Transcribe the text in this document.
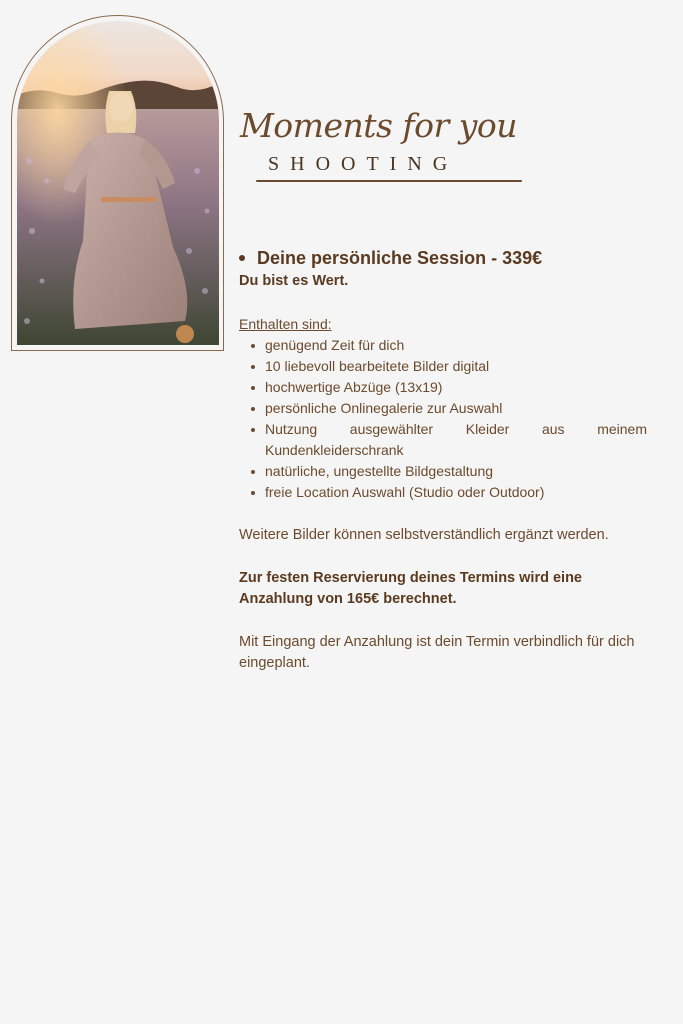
Moments for you
SHOOTING
Deine persönliche Session - 339€
Du bist es Wert.
Enthalten sind:
genügend Zeit für dich
10 liebevoll bearbeitete Bilder digital
hochwertige Abzüge (13x19)
persönliche Onlinegalerie zur Auswahl
Nutzung ausgewählter Kleider aus meinem Kundenkleiderschrank
natürliche, ungestellte Bildgestaltung
freie Location Auswahl (Studio oder Outdoor)
Weitere Bilder können selbstverständlich ergänzt werden.
Zur festen Reservierung deines Termins wird eine Anzahlung von 165€ berechnet.
Mit Eingang der Anzahlung ist dein Termin verbindlich für dich eingeplant.
